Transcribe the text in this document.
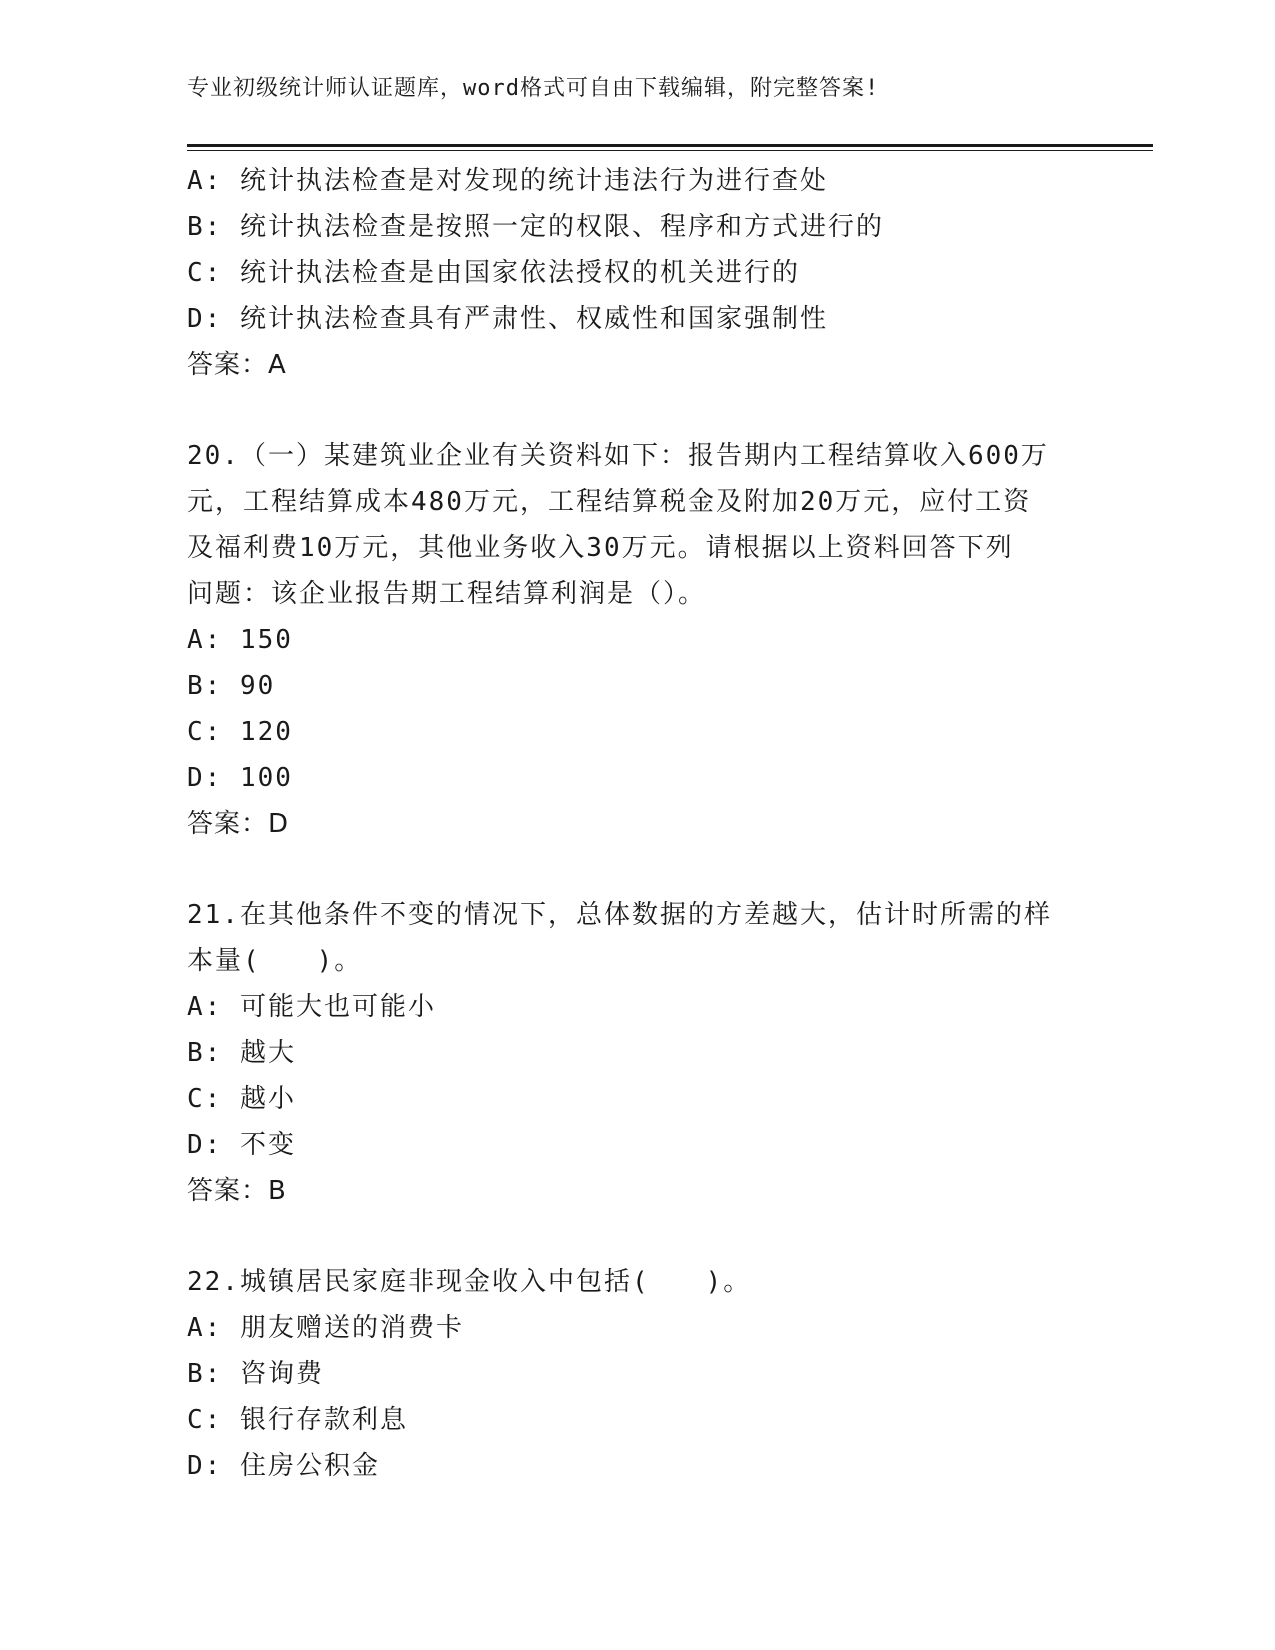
专业初级统计师认证题库，word格式可自由下载编辑，附完整答案!
A: 统计执法检查是对发现的统计违法行为进行查处
B: 统计执法检查是按照一定的权限、程序和方式进行的
C: 统计执法检查是由国家依法授权的机关进行的
D: 统计执法检查具有严肃性、权威性和国家强制性
答案：A
20.（一）某建筑业企业有关资料如下：报告期内工程结算收入600万
元，工程结算成本480万元，工程结算税金及附加20万元，应付工资
及福利费10万元，其他业务收入30万元。请根据以上资料回答下列
问题：该企业报告期工程结算利润是（）。
A: 150
B: 90
C: 120
D: 100
答案：D
21.在其他条件不变的情况下，总体数据的方差越大，估计时所需的样
本量(　　)。
A: 可能大也可能小
B: 越大
C: 越小
D: 不变
答案：B
22.城镇居民家庭非现金收入中包括(　　)。
A: 朋友赠送的消费卡
B: 咨询费
C: 银行存款利息
D: 住房公积金
